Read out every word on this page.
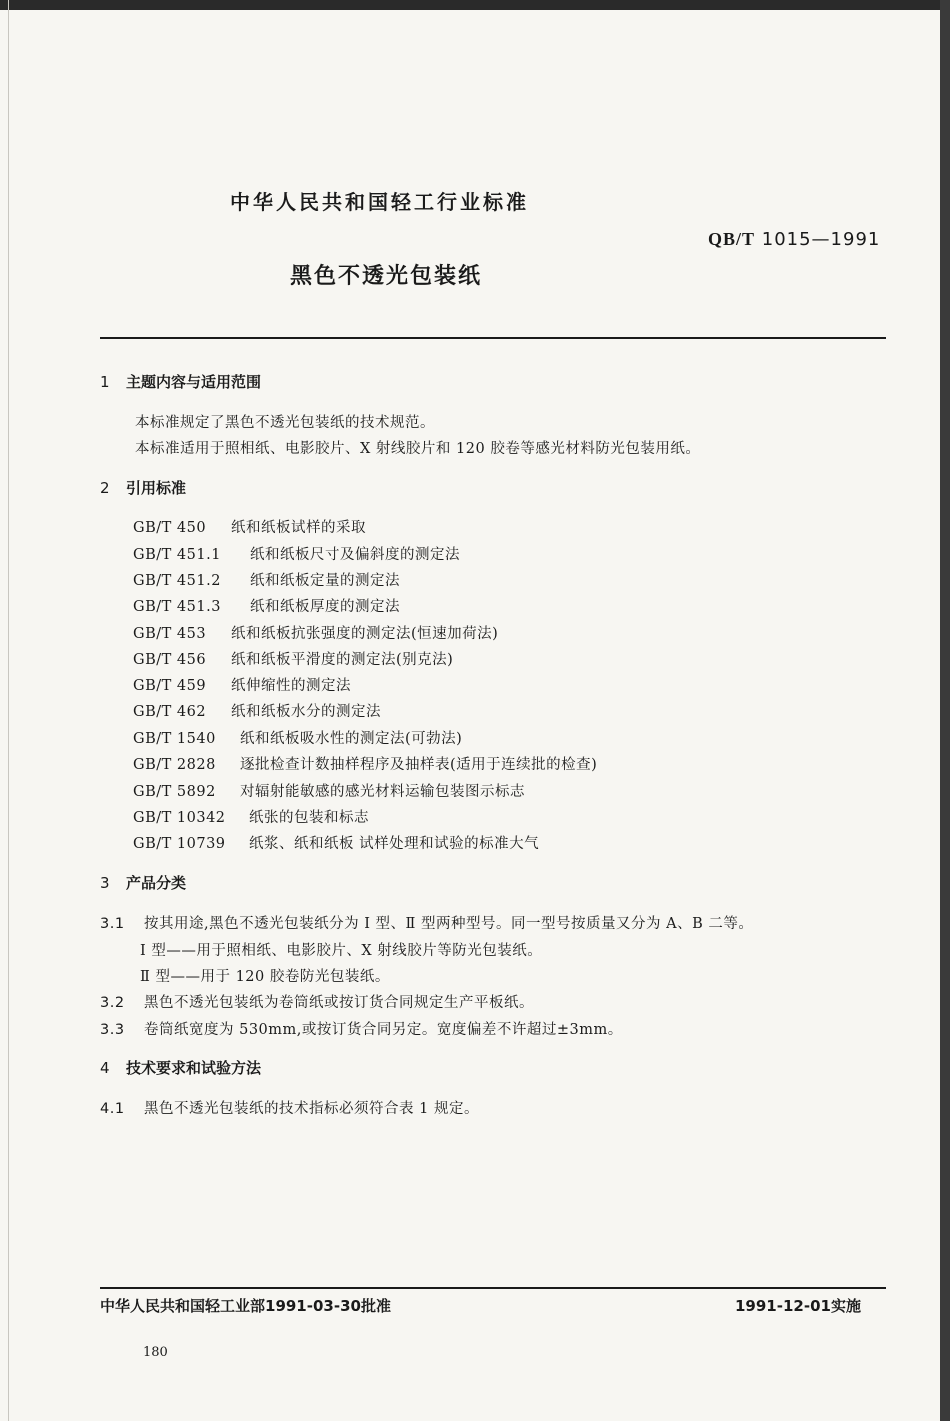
中华人民共和国轻工行业标准
QB/T 1015—1991
黑色不透光包装纸
1 主题内容与适用范围
本标准规定了黑色不透光包装纸的技术规范。
本标准适用于照相纸、电影胶片、X 射线胶片和 120 胶卷等感光材料防光包装用纸。
2 引用标准
GB/T 450 纸和纸板试样的采取
GB/T 451.1 纸和纸板尺寸及偏斜度的测定法
GB/T 451.2 纸和纸板定量的测定法
GB/T 451.3 纸和纸板厚度的测定法
GB/T 453 纸和纸板抗张强度的测定法(恒速加荷法)
GB/T 456 纸和纸板平滑度的测定法(别克法)
GB/T 459 纸伸缩性的测定法
GB/T 462 纸和纸板水分的测定法
GB/T 1540 纸和纸板吸水性的测定法(可勃法)
GB/T 2828 逐批检查计数抽样程序及抽样表(适用于连续批的检查)
GB/T 5892 对辐射能敏感的感光材料运输包装图示标志
GB/T 10342 纸张的包装和标志
GB/T 10739 纸浆、纸和纸板 试样处理和试验的标准大气
3 产品分类
3.1 按其用途,黑色不透光包装纸分为 I 型、Ⅱ 型两种型号。同一型号按质量又分为 A、B 二等。
I 型——用于照相纸、电影胶片、X 射线胶片等防光包装纸。
Ⅱ 型——用于 120 胶卷防光包装纸。
3.2 黑色不透光包装纸为卷筒纸或按订货合同规定生产平板纸。
3.3 卷筒纸宽度为 530mm,或按订货合同另定。宽度偏差不许超过±3mm。
4 技术要求和试验方法
4.1 黑色不透光包装纸的技术指标必须符合表 1 规定。
中华人民共和国轻工业部1991-03-30批准	1991-12-01实施
180
